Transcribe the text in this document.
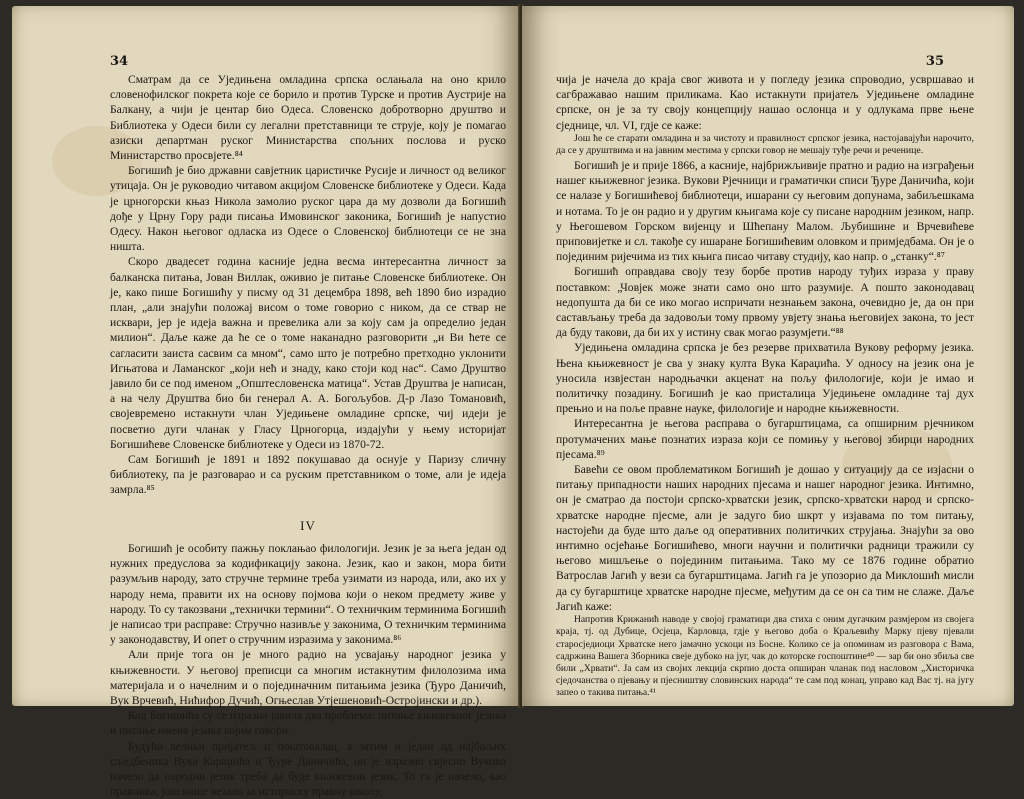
34

Сматрам да се Уједињена омладина српска ослањала на оно крило словенофилског покрета које се борило и против Турске и против Аустрије на Балкану, а чији је центар био Одеса. Словенско добротворно друштво и Библиотека у Одеси били су легални претставници те струје, коју је помагао азиски департман руског Министарства спољних послова и руско Министарство просвјете.⁸⁴

Богишић је био државни савјетник царистичке Русије и личност од великог утицаја. Он је руководио читавом акцијом Словенске библиотеке у Одеси. Када је црногорски књаз Никола замолио руског цара да му дозволи да Богишић дође у Црну Гору ради писања Имовинског законика, Богишић је напустио Одесу. Након његовог одласка из Одесе о Словенској библиотеци се не зна ништа.

Скоро двадесет година касније једна весма интересантна личност за балканска питања, Јован Виллак, оживио је питање Словенске библиотеке. Он је, како пише Богишићу у писму од 31 децембра 1898, већ 1890 био израдио план, „али знајући положај висом о томе говорио с ником, да се ствар не исквари, јер је идеја важна и превелика али за коју сам ја определио један милион“. Даље каже да ће се о томе наканадно разговорити „и Ви ћете се сагласити заиста сасвим са мном“, само што је потребно претходно уклонити Игњатова и Ламанског „који нећ и знаду, како стоји код нас“. Само Друштво јавило би се под именом „Општесловенска матица“. Устав Друштва је написан, а на челу Друштва био би генерал А. А. Богољубов. Д-р Лазо Томановић, својевремено истакнути члан Уједињене омладине српске, чиј идеји је посветио дуги чланак у Гласу Црногорца, издајући у њему историјат Богишићеве Словенске библиотеке у Одеси из 1870-72.

Сам Богишић је 1891 и 1892 покушавао да оснује у Паризу сличну библиотеку, па је разговарао и са руским претставником о томе, али је идеја замрла.⁸⁵

IV

Богишић је особиту пажњу поклањао филологији. Језик је за њега један од нужних предуслова за кодификацију закона. Језик, као и закон, мора бити разумљив народу, зато стручне термине треба узимати из народа, или, ако их у народу нема, правити их на основу појмова који о неком предмету живе у народу. То су такозвани „технички термини“. О техничким терминима Богишић је написао три расправе: Стручно називље у законима, О техничким терминима у законодавству, И опет о стручним изразима у законима.⁸⁶

Али прије тога он је много радио на усвајању народног језика у књижевности. У његовој преписци са многим истакнутим филолозима има материјала и о начелним и о појединачним питањима језика (Ђуро Даничић, Вук Врчевић, Нићифор Дучић, Огњеслав Утјешеновић-Остројински и др.).

Код Богишића су се изразна јавила два проблема: питање књижевног језика и питање имена језика којим говори.

Будући велики пријатељ и поштовалац, а затим и један од најбољих сљедбеника Вука Караџића и Ђуре Даничића, он је изразио свјесно Вуково начело да народни језик треба да буде књижевни језик. То га је начело, као правника, још више везало за историску правну школу,

35

чија је начела до краја свог живота и у погледу језика спроводио, усвршавао и сагбражавао нашим приликама. Као истакнути пријатељ Уједињене омладине српске, он је за ту своју концепцију нашао ослонца и у одлукама прве њене сједнице, чл. VI, гдје се каже:

Још ће се старати омладина и за чистоту и правилност српског језика, настојавајући нарочито, да се у друштвима и на јавним местима у српски говор не мешају туђе речи и реченице.

Богишић је и прије 1866, а касније, најбрижљивије пратно и радио на изграђењи нашег књижевног језика. Вукови Рјечници и граматички списи Ђуре Даничића, који се налазе у Богишићевој библиотеци, ишарани су његовим допунама, забиљешкама и нотама. То је он радио и у другим књигама које су писане народним језиком, напр. у Његошевом Горском вијенцу и Шћепану Малом. Љубишине и Врчевићеве приповијетке и сл. такође су ишаране Богишићевим оловком и примједбама. Он је о појединим ријечима из тих књига писао читаву студију, као напр. о „станку“.⁸⁷

Богишић оправдава своју тезу борбе против народу туђих израза у праву поставком: „Човјек може знати само оно што разумије. А пошто законодавац недопушта да би се ико могао испричати незнањем закона, очевидно је, да он при састављању треба да задовољи тому првому увјету знања његовијех закона, то јест да буду такови, да би их у истину свак могао разумјети.“⁸⁸

Уједињена омладина српска је без резерве прихватила Вукову реформу језика. Њена књижевност је сва у знаку култа Вука Караџића. У односу на језик она је уносила извјестан народњачки акценат на пољу филологије, који је имао и политичку позадину. Богишић је као присталица Уједињене омладине тај дух прењио и на поље правне науке, филологије и народне књижевности.

Интересантна је његова расправа о бугарштицама, са опширним рјечником протумачених мање познатих израза који се помињу у његовој збирци народних пјесама.⁸⁹

Бавећи се овом проблематиком Богишић је дошао у ситуацију да се изјасни о питању припадности наших народних пјесама и нашег народног језика. Интимно, он је сматрао да постоји српско-хрватски језик, српско-хрватски народ и српско-хрватске народне пјесме, али је задуго био шкрт у изјавама по том питању, настојећи да буде што даље од оперативних политичких струјања. Знајући за ово интимно осјећање Богишићево, многи научни и политички радници тражили су његово мишљење о појединим питањима. Тако му се 1876 године обратио Ватрослав Јагић у вези са бугарштицама. Јагић га је упозорио да Миклошић мисли да су бугарштице хрватске народне пјесме, међутим да се он са тим не слаже. Даље Јагић каже:

Напротив Крижанић наводе у својој граматици два стиха с оним дугачким размјером из својега краја, тј. од Дубице, Осјеца, Карловца, гдје у његово доба о Краљевићу Марку пјеву пјевали старосједиоци Хрватске него јамачно ускоци из Босне. Колико се ја опоминам из разговора с Вама, садржина Вашега Зборника свеје дубоко на југ, чак до которске госпоштине⁴⁰ — зар би оно збиља све били „Хрвати“. Ја сам из својих лекција скрпио доста опширан чланак под насловом „Хисторичка сједочанства о пјевању и пјесништву словинских народа“ те сам под конац, управо кад Вас тј. на југу запео о такива питања.⁴¹
